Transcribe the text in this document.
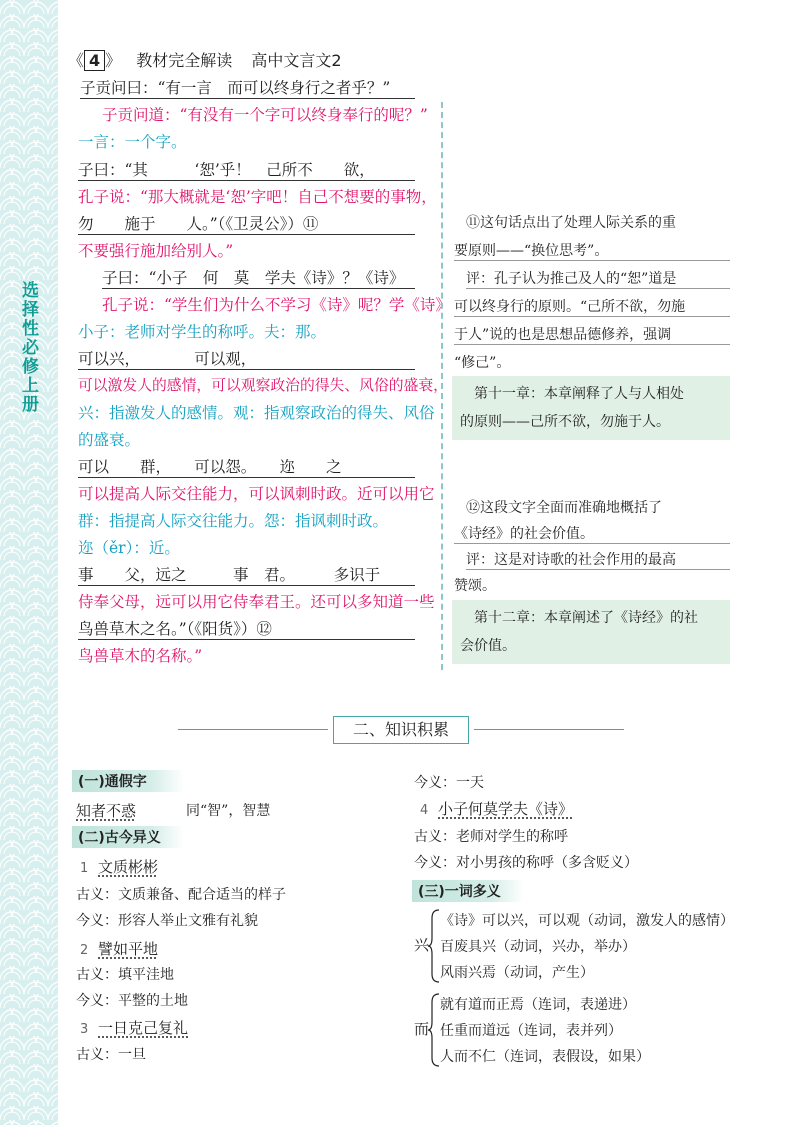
选择性必修上册
《 4 》 教材完全解读 高中文言文2
子贡问曰：“有一言　而可以终身行之者乎？”
子贡问道：“有没有一个字可以终身奉行的呢？”
一言：一个字。
子曰：“其　　　‘恕’乎！　己所不　　欲，
孔子说：“那大概就是‘恕’字吧！自己不想要的事物，
勿　　施于　　人。”（《卫灵公》）⑪
不要强行施加给别人。”
子曰：“小子　何　莫　学夫《诗》？《诗》
孔子说：“学生们为什么不学习《诗》呢？学《诗》
小子：老师对学生的称呼。夫：那。
可以兴，　　　　可以观，
可以激发人的感情，可以观察政治的得失、风俗的盛衰，
兴：指激发人的感情。观：指观察政治的得失、风俗
的盛衰。
可以　　群，　　可以怨。　　迩　　之
可以提高人际交往能力，可以讽刺时政。近可以用它
群：指提高人际交往能力。怨：指讽刺时政。
迩（ěr）：近。
事　　父，远之　　　事　君。　　　多识于
侍奉父母，远可以用它侍奉君王。还可以多知道一些
鸟兽草木之名。”（《阳货》）⑫
鸟兽草木的名称。”
⑪这句话点出了处理人际关系的重
要原则——“换位思考”。
评：孔子认为推己及人的“恕”道是
可以终身行的原则。“己所不欲，勿施
于人”说的也是思想品德修养，强调
“修己”。
第十一章：本章阐释了人与人相处
的原则——己所不欲，勿施于人。
⑫这段文字全面而准确地概括了
《诗经》的社会价值。
评：这是对诗歌的社会作用的最高
赞颂。
第十二章：本章阐述了《诗经》的社
会价值。
二、知识积累
(一)通假字
知者不惑	同“智”，智慧
(二)古今异义
1 文质彬彬
古义：文质兼备、配合适当的样子
今义：形容人举止文雅有礼貌
2 譬如平地
古义：填平洼地
今义：平整的土地
3 一日克己复礼
古义：一旦
今义：一天
4 小子何莫学夫《诗》
古义：老师对学生的称呼
今义：对小男孩的称呼（多含贬义）
(三)一词多义
兴
《诗》可以兴，可以观（动词，激发人的感情）
百废具兴（动词，兴办，举办）
风雨兴焉（动词，产生）
而
就有道而正焉（连词，表递进）
任重而道远（连词，表并列）
人而不仁（连词，表假设，如果）
